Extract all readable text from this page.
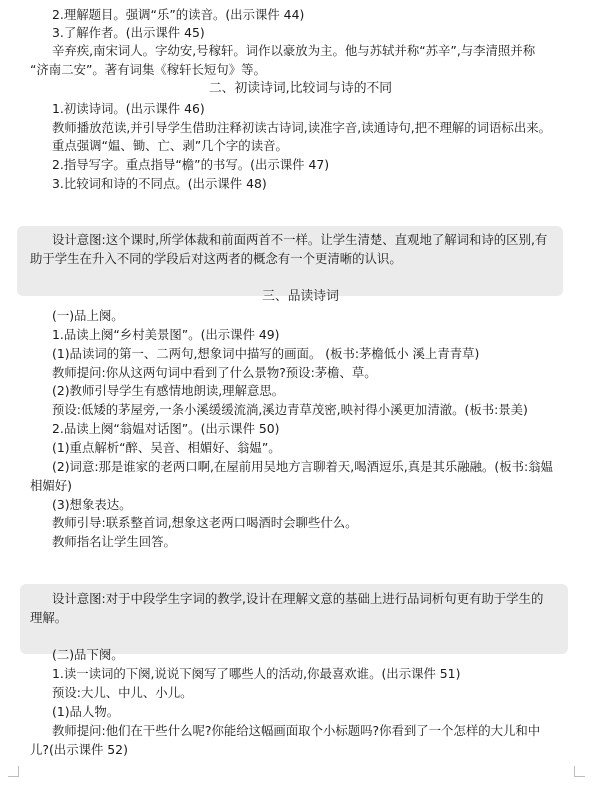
2.理解题目。强调“乐”的读音。(出示课件 44)
3.了解作者。(出示课件 45)
辛弃疾,南宋词人。字幼安,号稼轩。词作以豪放为主。他与苏轼并称“苏辛”,与李清照并称
“济南二安”。著有词集《稼轩长短句》等。
二、初读诗词,比较词与诗的不同
1.初读诗词。(出示课件 46)
教师播放范读,并引导学生借助注释初读古诗词,读准字音,读通诗句,把不理解的词语标出来。
重点强调“媪、锄、亡、剥”几个字的读音。
2.指导写字。重点指导“檐”的书写。(出示课件 47)
3.比较词和诗的不同点。(出示课件 48)
设计意图:这个课时,所学体裁和前面两首不一样。让学生清楚、直观地了解词和诗的区别,有
助于学生在升入不同的学段后对这两者的概念有一个更清晰的认识。
三、品读诗词
(一)品上阕。
1.品读上阕“乡村美景图”。(出示课件 49)
(1)品读词的第一、二两句,想象词中描写的画面。 (板书:茅檐低小 溪上青青草)
教师提问:你从这两句词中看到了什么景物?预设:茅檐、草。
(2)教师引导学生有感情地朗读,理解意思。
预设:低矮的茅屋旁,一条小溪缓缓流淌,溪边青草茂密,映衬得小溪更加清澈。(板书:景美)
2.品读上阕“翁媪对话图”。(出示课件 50)
(1)重点解析“醉、吴音、相媚好、翁媪”。
(2)词意:那是谁家的老两口啊,在屋前用吴地方言聊着天,喝酒逗乐,真是其乐融融。(板书:翁媪
相媚好)
(3)想象表达。
教师引导:联系整首词,想象这老两口喝酒时会聊些什么。
教师指名让学生回答。
设计意图:对于中段学生字词的教学,设计在理解文意的基础上进行品词析句更有助于学生的
理解。
(二)品下阕。
1.读一读词的下阕,说说下阕写了哪些人的活动,你最喜欢谁。(出示课件 51)
预设:大儿、中儿、小儿。
(1)品人物。
教师提问:他们在干些什么呢?你能给这幅画面取个小标题吗?你看到了一个怎样的大儿和中
儿?(出示课件 52)
